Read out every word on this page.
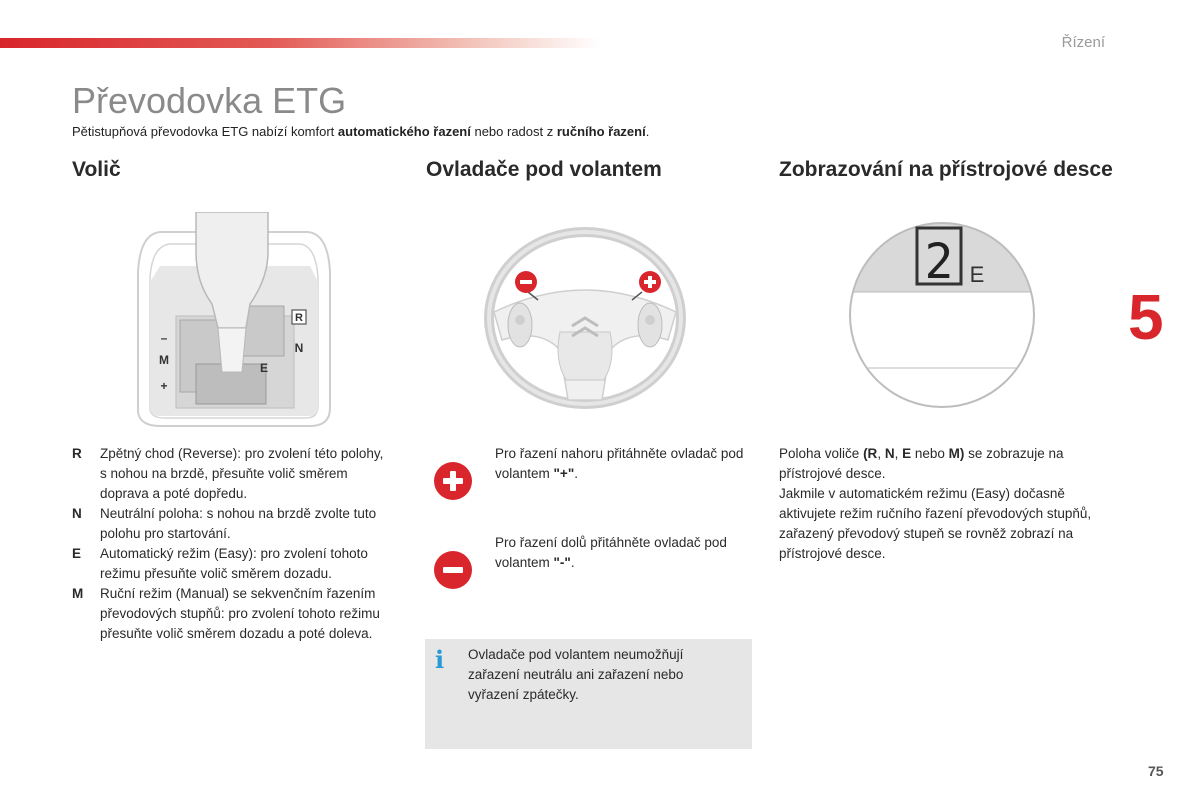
Řízení
5
75
Převodovka ETG

Pětistupňová převodovka ETG nabízí komfort automatického řazení nebo radost z ručního řazení.

Volič	Ovladače pod volantem	Zobrazování na přístrojové desce
R
N
E
M
–
+
2 E
R	Zpětný chod (Reverse): pro zvolení této polohy, s nohou na brzdě, přesuňte volič směrem doprava a poté dopředu.
N	Neutrální poloha: s nohou na brzdě zvolte tuto polohu pro startování.
E	Automatický režim (Easy): pro zvolení tohoto režimu přesuňte volič směrem dozadu.
M	Ruční režim (Manual) se sekvenčním řazením převodových stupňů: pro zvolení tohoto režimu přesuňte volič směrem dozadu a poté doleva.

Pro řazení nahoru přitáhněte ovladač pod volantem "+".

Pro řazení dolů přitáhněte ovladač pod volantem "-".

i	Ovladače pod volantem neumožňují zařazení neutrálu ani zařazení nebo vyřazení zpátečky.

Poloha voliče (R, N, E nebo M) se zobrazuje na přístrojové desce.

Jakmile v automatickém režimu (Easy) dočasně aktivujete režim ručního řazení převodových stupňů, zařazený převodový stupeň se rovněž zobrazí na přístrojové desce.
